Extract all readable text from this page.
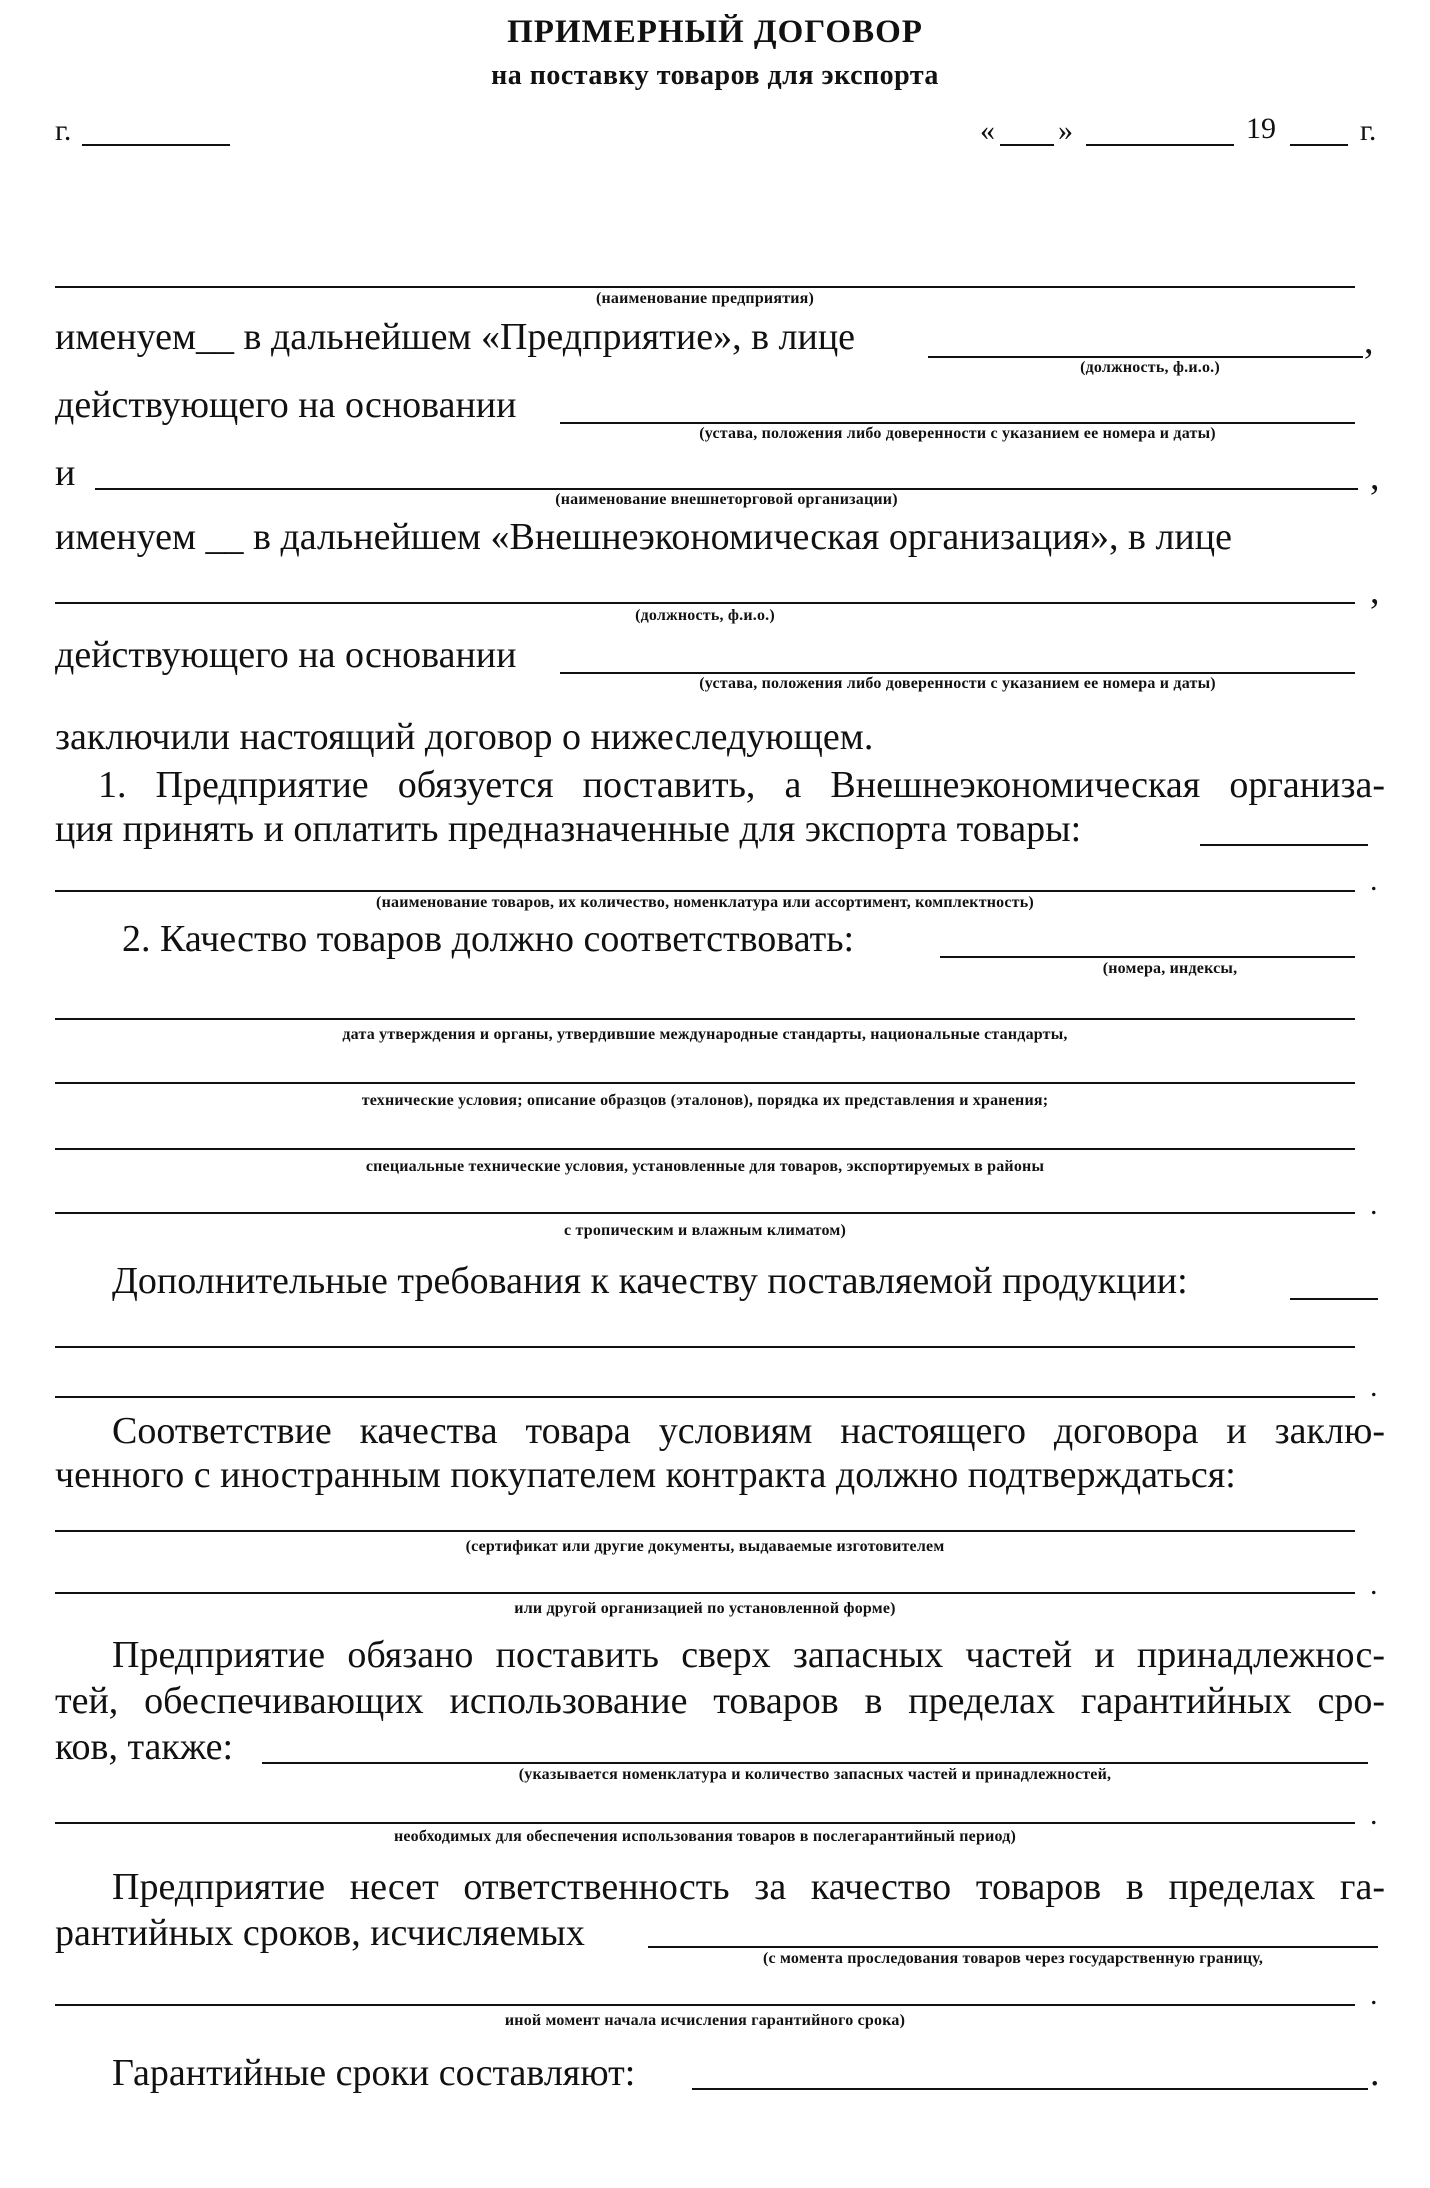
ПРИМЕРНЫЙ ДОГОВОР
на поставку товаров для экспорта
г.	« »	19	г.
(наименование предприятия)
именуем__ в дальнейшем «Предприятие», в лице	,
(должность, ф.и.о.)
действующего на основании
(устава, положения либо доверенности с указанием ее номера и даты)
и	,
(наименование внешнеторговой организации)
именуем __ в дальнейшем «Внешнеэкономическая организация», в лице
,
(должность, ф.и.о.)
действующего на основании
(устава, положения либо доверенности с указанием ее номера и даты)
заключили настоящий договор о нижеследующем.
1. Предприятие обязуется поставить, а Внешнеэкономическая организа-
ция принять и оплатить предназначенные для экспорта товары:
.
(наименование товаров, их количество, номенклатура или ассортимент, комплектность)
2. Качество товаров должно соответствовать:
(номера, индексы,
дата утверждения и органы, утвердившие международные стандарты, национальные стандарты,
технические условия; описание образцов (эталонов), порядка их представления и хранения;
специальные технические условия, установленные для товаров, экспортируемых в районы
.
с тропическим и влажным климатом)
Дополнительные требования к качеству поставляемой продукции:
.
Соответствие качества товара условиям настоящего договора и заклю-
ченного с иностранным покупателем контракта должно подтверждаться:
(сертификат или другие документы, выдаваемые изготовителем
.
или другой организацией по установленной форме)
Предприятие обязано поставить сверх запасных частей и принадлежнос-
тей, обеспечивающих использование товаров в пределах гарантийных сро-
ков, также:
(указывается номенклатура и количество запасных частей и принадлежностей,
.
необходимых для обеспечения использования товаров в послегарантийный период)
Предприятие несет ответственность за качество товаров в пределах га-
рантийных сроков, исчисляемых
(с момента проследования товаров через государственную границу,
.
иной момент начала исчисления гарантийного срока)
Гарантийные сроки составляют:	.
